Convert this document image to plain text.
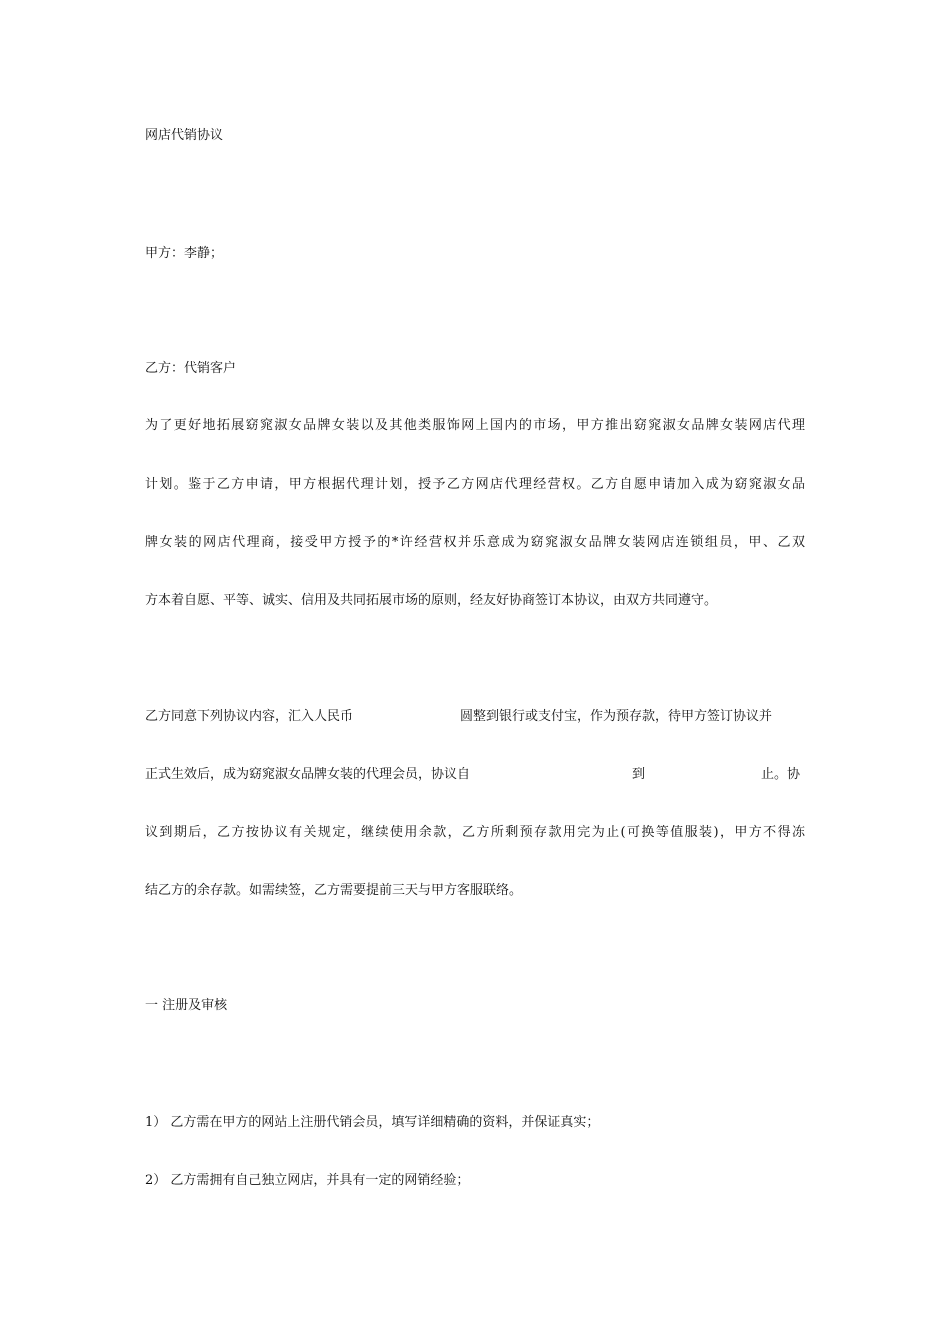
网店代销协议
甲方：李静；
乙方：代销客户
为了更好地拓展窈窕淑女品牌女装以及其他类服饰网上国内的市场，甲方推出窈窕淑女品牌女装网店代理
计划。鉴于乙方申请，甲方根据代理计划，授予乙方网店代理经营权。乙方自愿申请加入成为窈窕淑女品
牌女装的网店代理商，接受甲方授予的*许经营权并乐意成为窈窕淑女品牌女装网店连锁组员，甲、乙双
方本着自愿、平等、诚实、信用及共同拓展市场的原则，经友好协商签订本协议，由双方共同遵守。
乙方同意下列协议内容，汇入人民币	圆整到银行或支付宝，作为预存款，待甲方签订协议并
正式生效后，成为窈窕淑女品牌女装的代理会员，协议自	到	止。协
议到期后，乙方按协议有关规定，继续使用余款，乙方所剩预存款用完为止(可换等值服装)，甲方不得冻
结乙方的余存款。如需续签，乙方需要提前三天与甲方客服联络。
一 注册及审核
1） 乙方需在甲方的网站上注册代销会员，填写详细精确的资料，并保证真实；
2） 乙方需拥有自己独立网店，并具有一定的网销经验；
